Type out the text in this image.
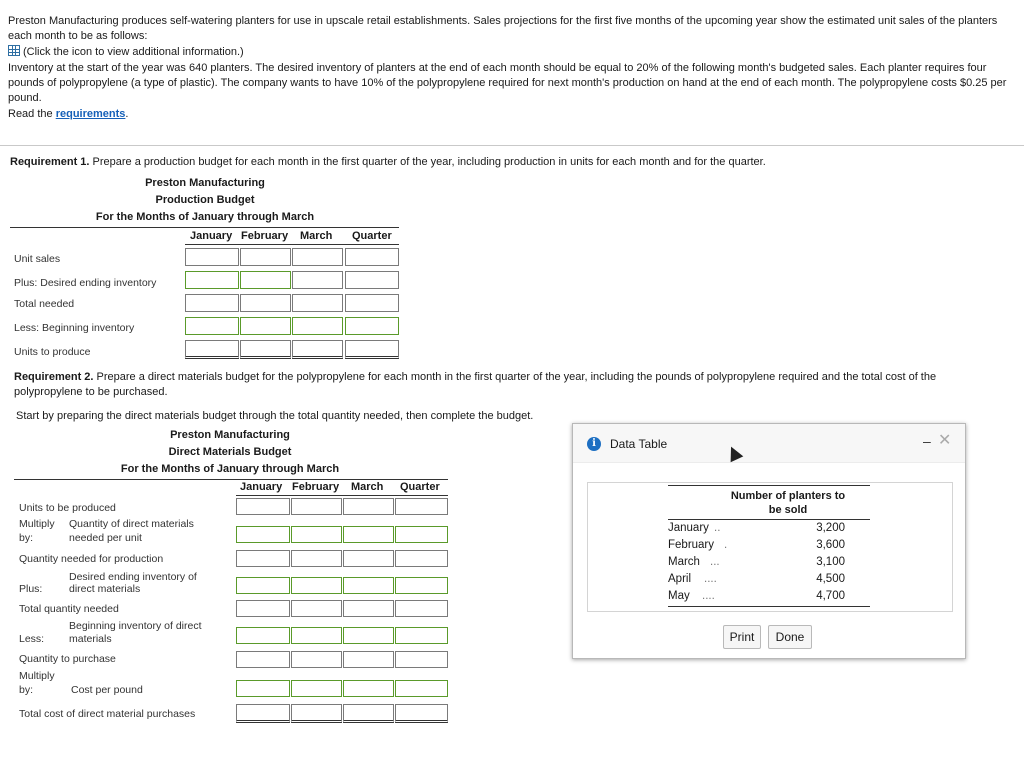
Preston Manufacturing produces self-watering planters for use in upscale retail establishments. Sales projections for the first five months of the upcoming year show the estimated unit sales of the planters each month to be as follows:
(Click the icon to view additional information.)
Inventory at the start of the year was 640 planters. The desired inventory of planters at the end of each month should be equal to 20% of the following month's budgeted sales. Each planter requires four pounds of polypropylene (a type of plastic). The company wants to have 10% of the polypropylene required for next month's production on hand at the end of each month. The polypropylene costs $0.25 per pound.
Read the requirements.
Requirement 1. Prepare a production budget for each month in the first quarter of the year, including production in units for each month and for the quarter.
Preston Manufacturing
Production Budget
For the Months of January through March
January February March Quarter
Unit sales
Plus: Desired ending inventory
Total needed
Less: Beginning inventory
Units to produce
Requirement 2. Prepare a direct materials budget for the polypropylene for each month in the first quarter of the year, including the pounds of polypropylene required and the total cost of the polypropylene to be purchased.
Start by preparing the direct materials budget through the total quantity needed, then complete the budget.
Preston Manufacturing
Direct Materials Budget
For the Months of January through March
January February March Quarter
Units to be produced
Multiply Quantity of direct materials
by:	needed per unit
Quantity needed for production
Desired ending inventory of
Plus:	direct materials
Total quantity needed
Beginning inventory of direct
Less: materials
Quantity to purchase
Multiply
by:	Cost per pound
Total cost of direct material purchases
i	Data Table	– ✕
Number of planters to
be sold
January ..	3,200
February .	3,600
March ...	3,100
April ....	4,500
May ....	4,700
Print	Done
